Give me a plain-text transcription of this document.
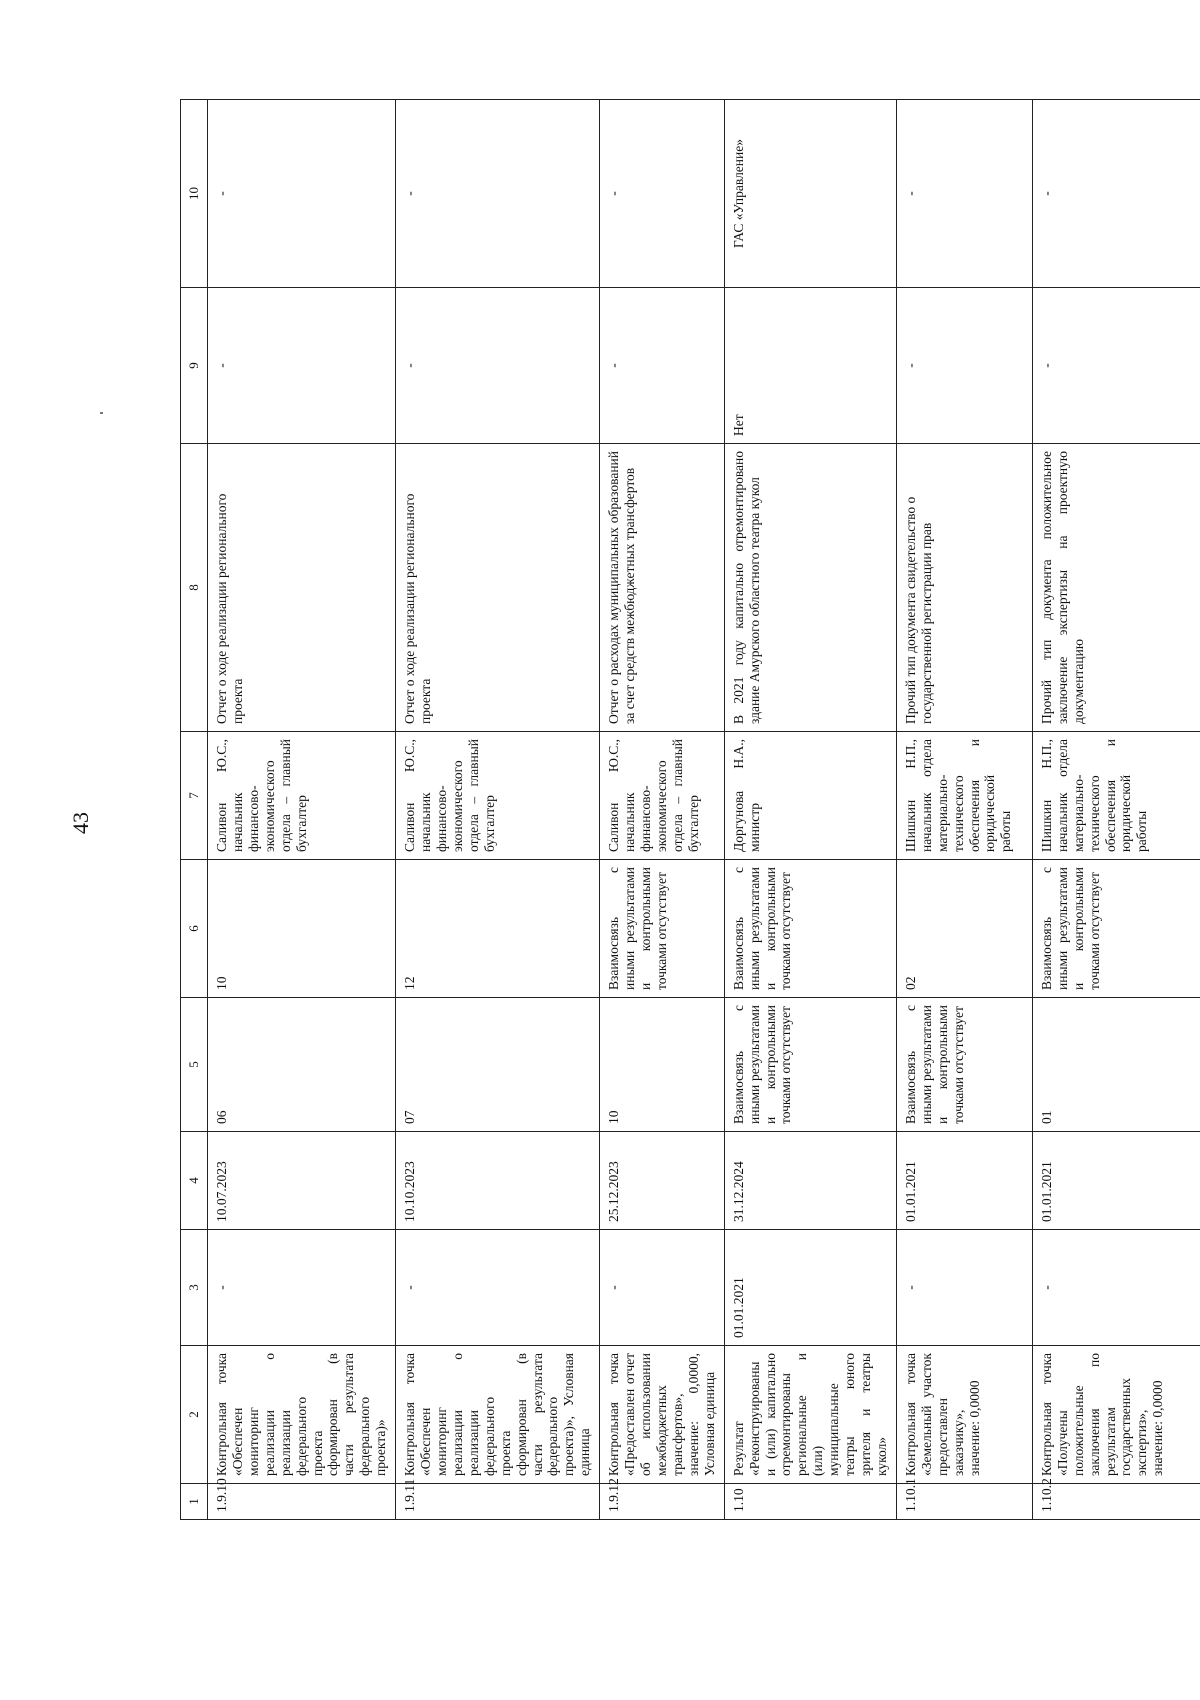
43
1	2	3	4	5	6	7	8	9	10
1.9.10	Контрольная точка «Обеспечен мониторинг реализации о реализации федерального проекта сформирован (в части результата федерального проекта)»	-	10.07.2023	06	10	Саливон Ю.С., начальник финансово-экономического отдела – главный бухгалтер	Отчет о ходе реализации регионального проекта	-	-
1.9.11	Контрольная точка «Обеспечен мониторинг реализации о реализации федерального проекта сформирован (в части результата федерального проекта)», Условная единица	-	10.10.2023	07	12	Саливон Ю.С., начальник финансово-экономического отдела – главный бухгалтер	Отчет о ходе реализации регионального проекта	-	-
1.9.12	Контрольная точка «Предоставлен отчет об использовании межбюджетных трансфертов», значение: 0,0000, Условная единица	-	25.12.2023	10	Взаимосвязь с иными результатами и контрольными точками отсутствует	Саливон Ю.С., начальник финансово-экономического отдела – главный бухгалтер	Отчет о расходах муниципальных образований за счет средств межбюджетных трансфертов	-	-
1.10	Результат «Реконструированы и (или) капитально отремонтированы региональные и (или) муниципальные театры юного зрителя и театры кукол»	01.01.2021	31.12.2024	Взаимосвязь с иными результатами и контрольными точками отсутствует	Взаимосвязь с иными результатами и контрольными точками отсутствует	Доргунова Н.А., министр	В 2021 году капитально отремонтировано здание Амурского областного театра кукол	Нет	ГАС «Управление»
1.10.1	Контрольная точка «Земельный участок предоставлен заказчику», значение: 0,0000	-	01.01.2021	Взаимосвязь с иными результатами и контрольными точками отсутствует	02	Шишкин Н.П., начальник отдела материально-технического обеспечения и юридической работы	Прочий тип документа свидетельство о государственной регистрации прав	-	-
1.10.2	Контрольная точка «Получены положительные заключения по результатам государственных экспертиз», значение: 0,0000	-	01.01.2021	01	Взаимосвязь с иными результатами и контрольными точками отсутствует	Шишкин Н.П., начальник отдела материально-технического обеспечения и юридической работы	Прочий тип документа положительное заключение экспертизы на проектную документацию	-	-
